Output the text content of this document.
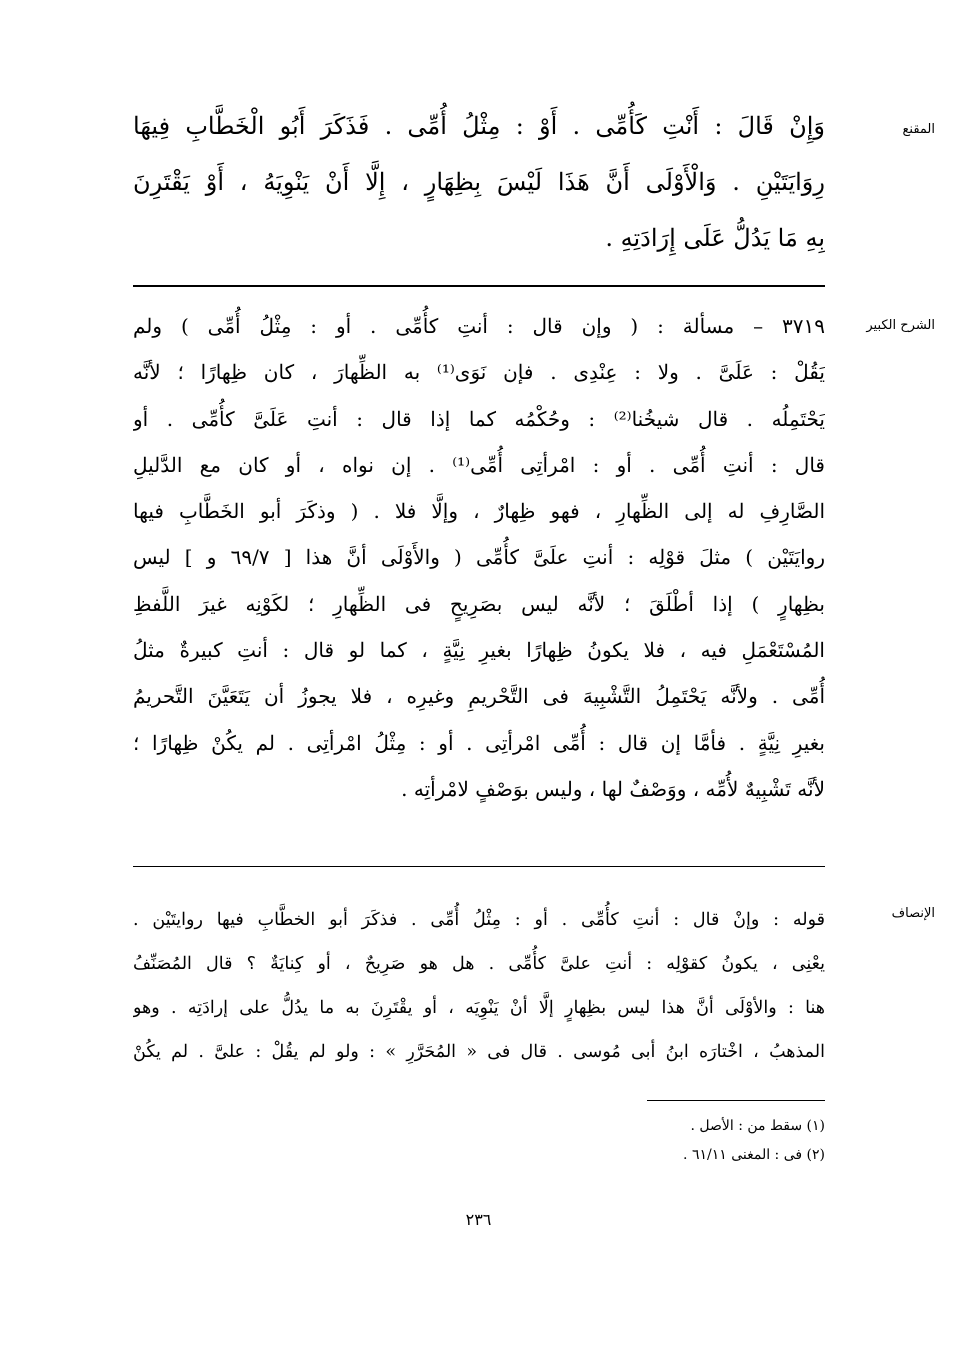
المقنع
وَإِنْ قَالَ : أَنْتِ كَأُمِّى . أَوْ : مِثْلُ أُمِّى . فَذَكَرَ أَبُو الْخَطَّابِ فِيهَا
رِوَايَتَيْنِ . وَالْأَوْلَى أَنَّ هَذَا لَيْسَ بِظِهَارٍ ، إِلَّا أَنْ يَنْوِيَهُ ، أَوْ يَقْتَرِنَ
بِهِ مَا يَدُلُّ عَلَى إِرَادَتِهِ .
الشرح الكبير
٣٧١٩ – مسألة : ( وإن قال : أنتِ كأُمِّى . أو : مِثْلُ أُمِّى ) ولم
يَقُلْ : عَلَىَّ . ولا : عِنْدِى . فإن نَوَى⁽¹⁾ به الظِّهارَ ، كان ظِهارًا ؛ لأنَّه
يَحْتَمِلُه . قال شيخُنا⁽²⁾ : وحُكْمُه كما إذا قال : أنتِ عَلَىَّ كأُمِّى . أو
قال : أنتِ أُمِّى . أو : امْرأتِى أُمِّى⁽¹⁾ . إن نواه ، أو كان مع الدَّليلِ
الصَّارِفِ له إلى الظِّهارِ ، فهو ظِهارٌ ، وإلَّا فلا . ( وذكَرَ أبو الخَطَّابِ فيها
روايَتَيْن ) مثلَ قوْلِه : أنتِ علَىَّ كأُمِّى ( والأَوْلَى أنَّ هذا [ ٦٩/٧ و ] ليس
بظِهارٍ ) إذا أطْلَقَ ؛ لأنَّه ليس بصَرِيحٍ فى الظِّهارِ ؛ لكَوْنِه غيرَ اللَّفظِ
المُسْتَعْمَلِ فيه ، فلا يكونُ ظِهارًا بغيرِ نِيَّةٍ ، كما لو قال : أنتِ كبيرةٌ مثلُ
أُمِّى . ولأنَّه يَحْتَمِلُ التَّشْبِيهَ فى التَّحْريمِ وغيرِه ، فلا يجوزُ أن يَتَعَيَّنَ التَّحريمُ
بغيرِ نِيَّةٍ . فأمَّا إن قال : أُمِّى امْرأتِى . أو : مِثْلُ امْرأتِى . لم يكُنْ ظِهارًا ؛
لأنَّه تَشْبِيهٌ لأُمِّه ، ووَصْفٌ لها ، وليس بوَصْفٍ لامْرأتِه .
الإنصاف
قوله : وإنْ قال : أنتِ كأُمِّى . أو : مِثْلُ أُمِّى . فذكَرَ أبو الخطَّابِ فيها روايتَيْن .
يعْنِى ، يكونُ كقوْلِه : أنتِ علىَّ كأُمِّى . هل هو صَرِيحٌ ، أو كِنايَةٌ ؟ قال المُصَنِّفُ
هنا : والأوْلَى أنَّ هذا ليس بظِهارٍ إلَّا أنْ يَنْوِيَه ، أو يقْتَرِنَ به ما يدُلُّ على إرادَتِه . وهو
المذهبُ ، اخْتارَه ابنُ أبى مُوسى . قال فى « المُحَرَّرِ » : ولو لم يقُلْ : علىَّ . لم يكُنْ
(١) سقط من : الأصل .
(٢) فى : المغنى ٦١/١١ .
٢٣٦
